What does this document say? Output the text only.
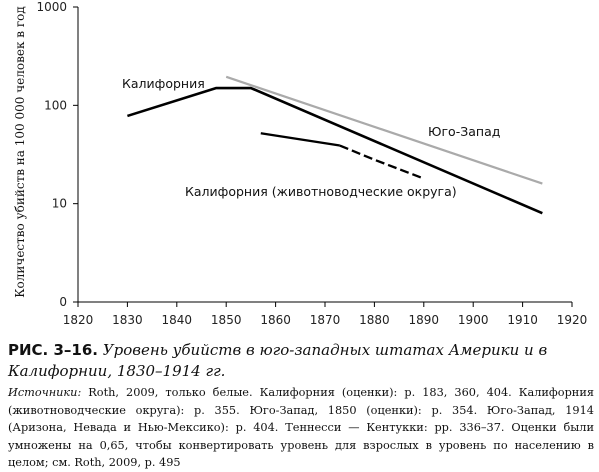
1820 1830 1840 1850 1860 1870 1880 1890 1900 1910 1920
0
10
100
1000
Калифорния
Юго-Запад
Калифорния (животноводческие округа)
Количество убийств на 100 000 человек в год
РИС. 3–16. Уровень убийств в юго-западных штатах Америки и в Калифорнии, 1830–1914 гг.
Источники: Roth, 2009, только белые. Калифорния (оценки): p. 183, 360, 404. Калифорния (животноводческие округа): p. 355. Юго-Запад, 1850 (оценки): p. 354. Юго-Запад, 1914 (Аризона, Невада и Нью-Мексико): p. 404. Теннесси — Кентукки: pp. 336–37. Оценки были умножены на 0,65, чтобы конвертировать уровень для взрослых в уровень по населению в целом; см. Roth, 2009, p. 495
